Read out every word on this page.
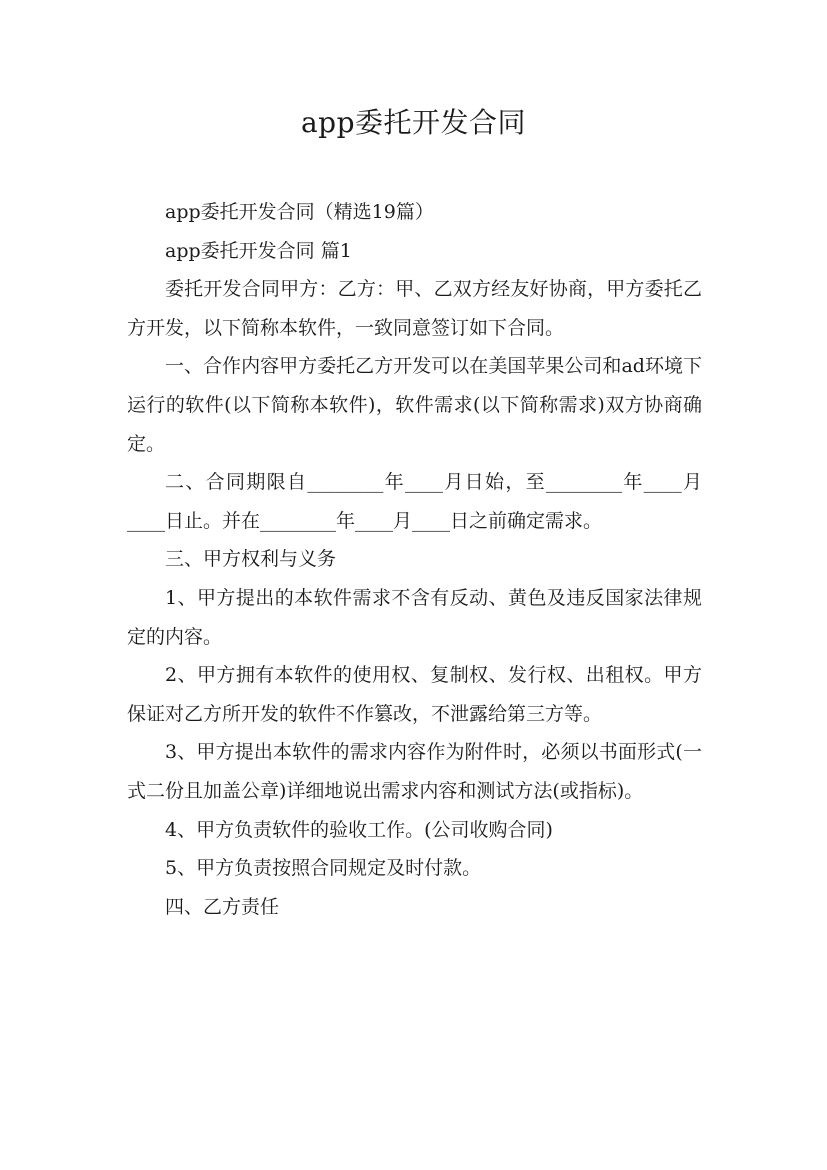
app委托开发合同

app委托开发合同（精选19篇）

app委托开发合同 篇1

委托开发合同甲方：乙方：甲、乙双方经友好协商，甲方委托乙方开发，以下简称本软件，一致同意签订如下合同。

一、合作内容甲方委托乙方开发可以在美国苹果公司和ad环境下运行的软件(以下简称本软件)，软件需求(以下简称需求)双方协商确定。

二、合同期限自________年____月日始，至________年____月____日止。并在________年____月____日之前确定需求。

三、甲方权利与义务

1、甲方提出的本软件需求不含有反动、黄色及违反国家法律规定的内容。

2、甲方拥有本软件的使用权、复制权、发行权、出租权。甲方保证对乙方所开发的软件不作篡改，不泄露给第三方等。

3、甲方提出本软件的需求内容作为附件时，必须以书面形式(一式二份且加盖公章)详细地说出需求内容和测试方法(或指标)。

4、甲方负责软件的验收工作。(公司收购合同)

5、甲方负责按照合同规定及时付款。

四、乙方责任
